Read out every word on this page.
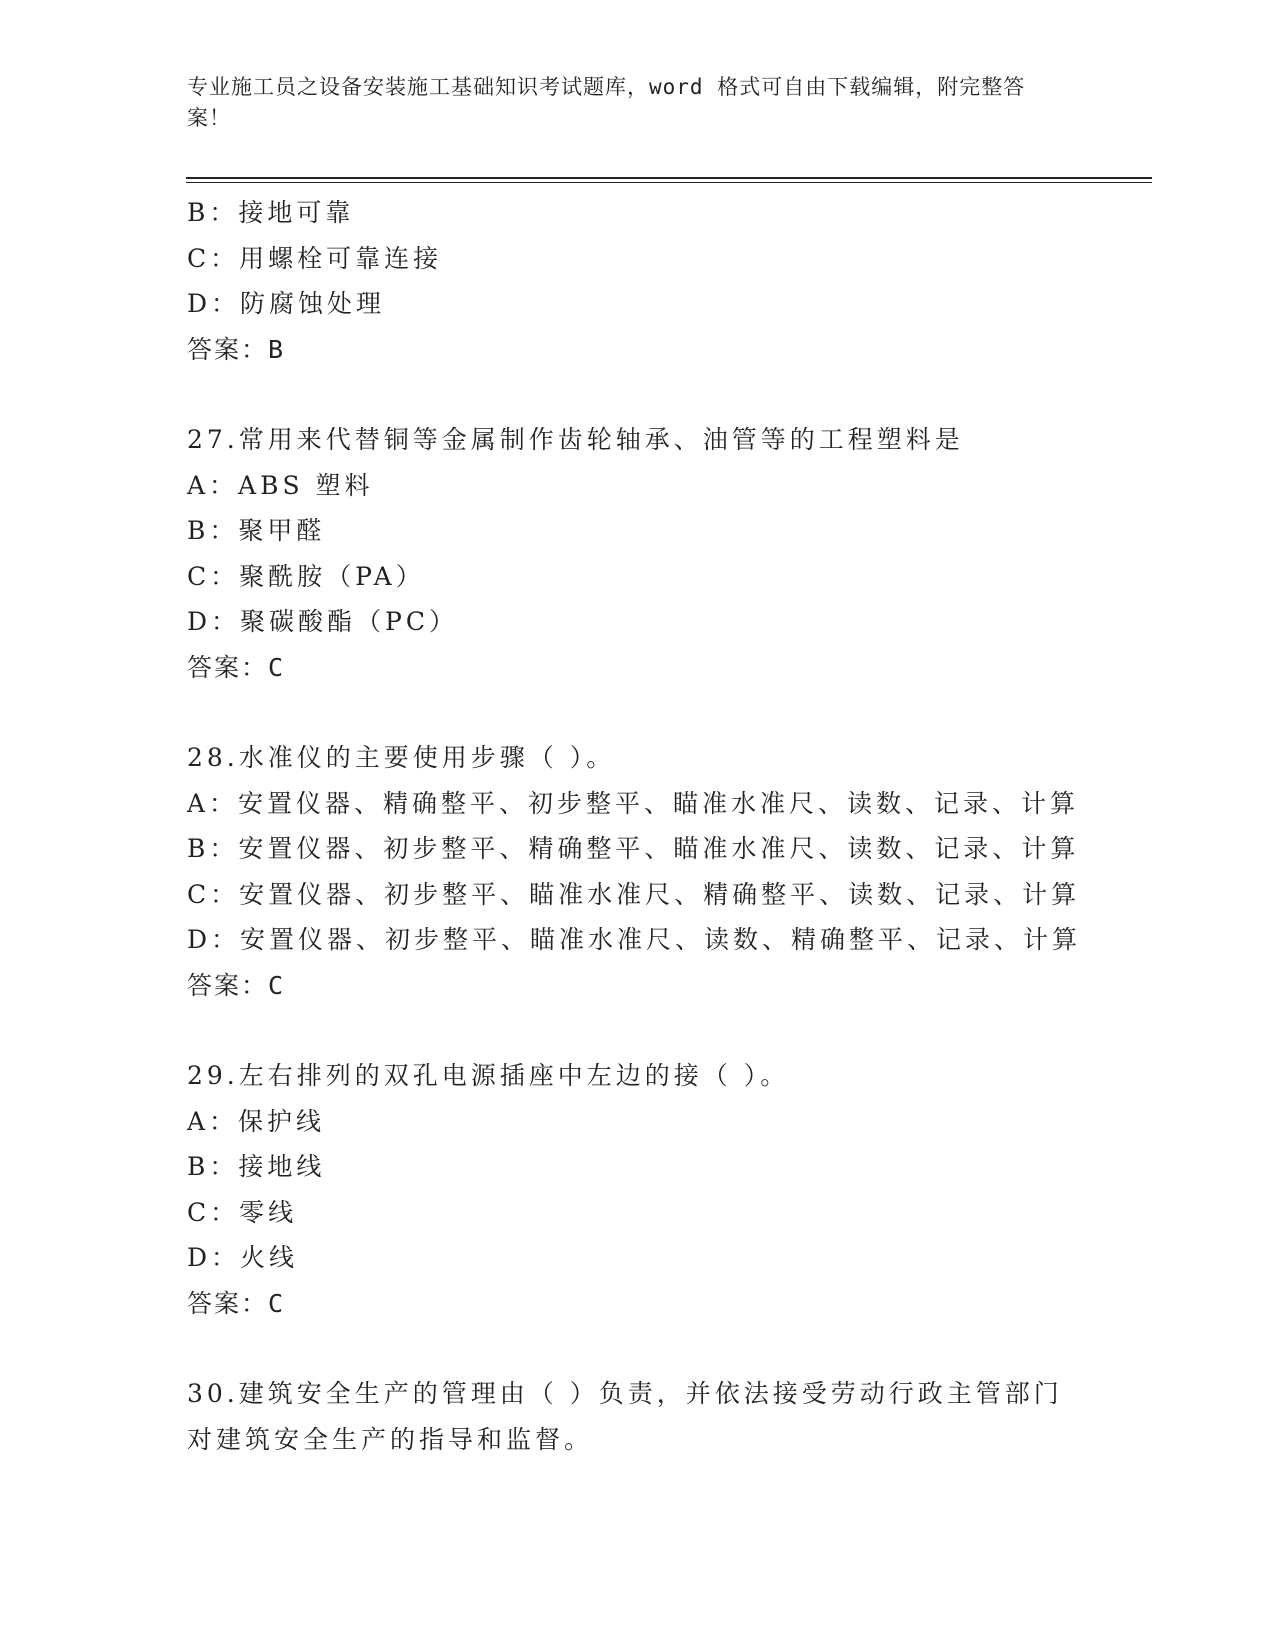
专业施工员之设备安装施工基础知识考试题库，word 格式可自由下载编辑，附完整答案！
B：接地可靠
C：用螺栓可靠连接
D：防腐蚀处理
答案：B
27.常用来代替铜等金属制作齿轮轴承、油管等的工程塑料是
A：ABS 塑料
B：聚甲醛
C：聚酰胺（PA）
D：聚碳酸酯（PC）
答案：C
28.水准仪的主要使用步骤（ ）。
A：安置仪器、精确整平、初步整平、瞄准水准尺、读数、记录、计算
B：安置仪器、初步整平、精确整平、瞄准水准尺、读数、记录、计算
C：安置仪器、初步整平、瞄准水准尺、精确整平、读数、记录、计算
D：安置仪器、初步整平、瞄准水准尺、读数、精确整平、记录、计算
答案：C
29.左右排列的双孔电源插座中左边的接（ ）。
A：保护线
B：接地线
C：零线
D：火线
答案：C
30.建筑安全生产的管理由（ ）负责，并依法接受劳动行政主管部门
对建筑安全生产的指导和监督。
